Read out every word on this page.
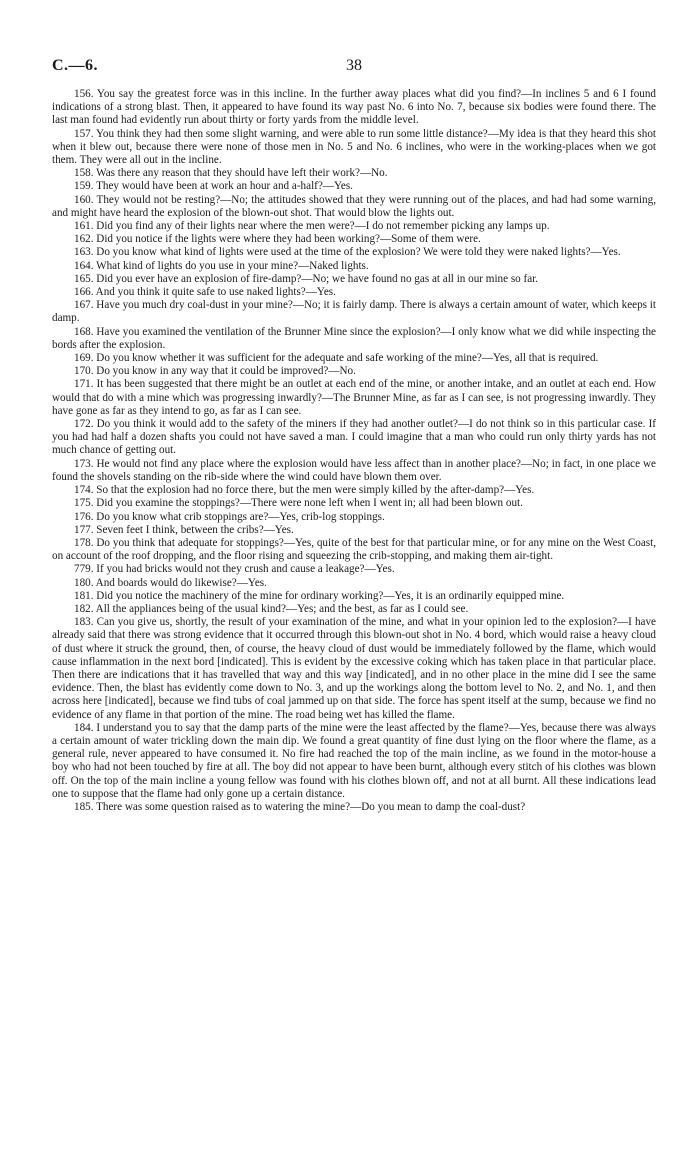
C.—6.	38

156. You say the greatest force was in this incline. In the further away places what did you find?—In inclines 5 and 6 I found indications of a strong blast. Then, it appeared to have found its way past No. 6 into No. 7, because six bodies were found there. The last man found had evidently run about thirty or forty yards from the middle level.

157. You think they had then some slight warning, and were able to run some little distance?—My idea is that they heard this shot when it blew out, because there were none of those men in No. 5 and No. 6 inclines, who were in the working-places when we got them. They were all out in the incline.

158. Was there any reason that they should have left their work?—No.

159. They would have been at work an hour and a-half?—Yes.

160. They would not be resting?—No; the attitudes showed that they were running out of the places, and had had some warning, and might have heard the explosion of the blown-out shot. That would blow the lights out.

161. Did you find any of their lights near where the men were?—I do not remember picking any lamps up.

162. Did you notice if the lights were where they had been working?—Some of them were.

163. Do you know what kind of lights were used at the time of the explosion? We were told they were naked lights?—Yes.

164. What kind of lights do you use in your mine?—Naked lights.

165. Did you ever have an explosion of fire-damp?—No; we have found no gas at all in our mine so far.

166. And you think it quite safe to use naked lights?—Yes.

167. Have you much dry coal-dust in your mine?—No; it is fairly damp. There is always a certain amount of water, which keeps it damp.

168. Have you examined the ventilation of the Brunner Mine since the explosion?—I only know what we did while inspecting the bords after the explosion.

169. Do you know whether it was sufficient for the adequate and safe working of the mine?—Yes, all that is required.

170. Do you know in any way that it could be improved?—No.

171. It has been suggested that there might be an outlet at each end of the mine, or another intake, and an outlet at each end. How would that do with a mine which was progressing inwardly?—The Brunner Mine, as far as I can see, is not progressing inwardly. They have gone as far as they intend to go, as far as I can see.

172. Do you think it would add to the safety of the miners if they had another outlet?—I do not think so in this particular case. If you had had half a dozen shafts you could not have saved a man. I could imagine that a man who could run only thirty yards has not much chance of getting out.

173. He would not find any place where the explosion would have less affect than in another place?—No; in fact, in one place we found the shovels standing on the rib-side where the wind could have blown them over.

174. So that the explosion had no force there, but the men were simply killed by the after-damp?—Yes.

175. Did you examine the stoppings?—There were none left when I went in; all had been blown out.

176. Do you know what crib stoppings are?—Yes, crib-log stoppings.

177. Seven feet I think, between the cribs?—Yes.

178. Do you think that adequate for stoppings?—Yes, quite of the best for that particular mine, or for any mine on the West Coast, on account of the roof dropping, and the floor rising and squeezing the crib-stopping, and making them air-tight.

779. If you had bricks would not they crush and cause a leakage?—Yes.

180. And boards would do likewise?—Yes.

181. Did you notice the machinery of the mine for ordinary working?—Yes, it is an ordinarily equipped mine.

182. All the appliances being of the usual kind?—Yes; and the best, as far as I could see.

183. Can you give us, shortly, the result of your examination of the mine, and what in your opinion led to the explosion?—I have already said that there was strong evidence that it occurred through this blown-out shot in No. 4 bord, which would raise a heavy cloud of dust where it struck the ground, then, of course, the heavy cloud of dust would be immediately followed by the flame, which would cause inflammation in the next bord [indicated]. This is evident by the excessive coking which has taken place in that particular place. Then there are indications that it has travelled that way and this way [indicated], and in no other place in the mine did I see the same evidence. Then, the blast has evidently come down to No. 3, and up the workings along the bottom level to No. 2, and No. 1, and then across here [indicated], because we find tubs of coal jammed up on that side. The force has spent itself at the sump, because we find no evidence of any flame in that portion of the mine. The road being wet has killed the flame.

184. I understand you to say that the damp parts of the mine were the least affected by the flame?—Yes, because there was always a certain amount of water trickling down the main dip. We found a great quantity of fine dust lying on the floor where the flame, as a general rule, never appeared to have consumed it. No fire had reached the top of the main incline, as we found in the motor-house a boy who had not been touched by fire at all. The boy did not appear to have been burnt, although every stitch of his clothes was blown off. On the top of the main incline a young fellow was found with his clothes blown off, and not at all burnt. All these indications lead one to suppose that the flame had only gone up a certain distance.

185. There was some question raised as to watering the mine?—Do you mean to damp the coal-dust?
